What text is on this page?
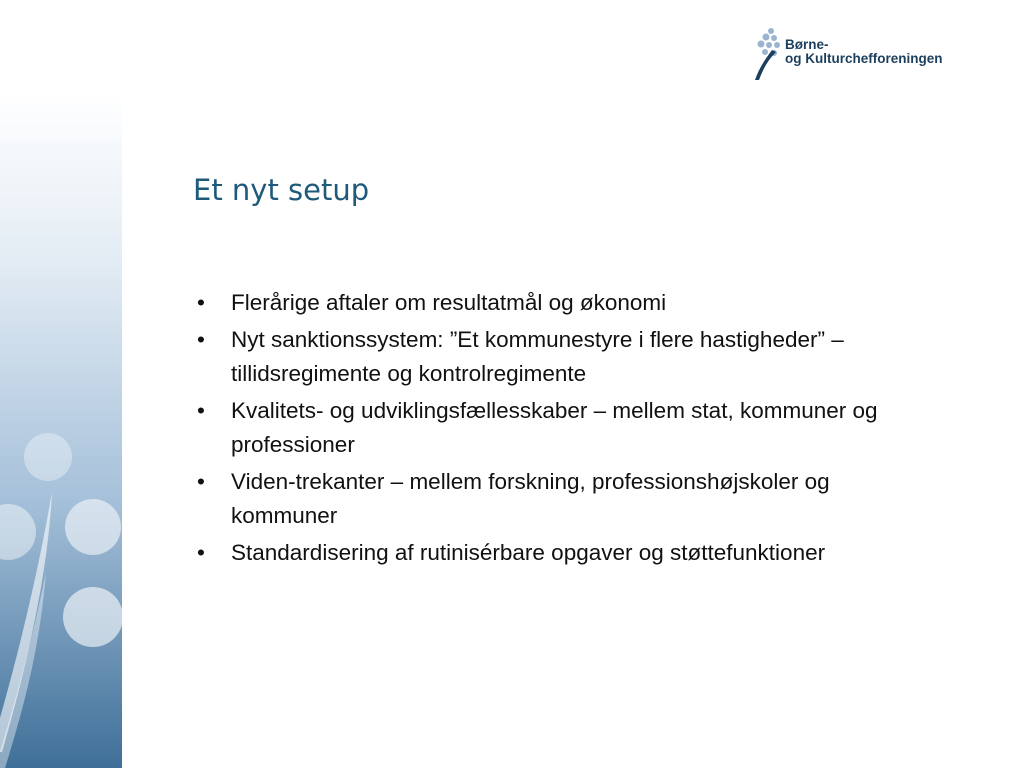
Børne-
og Kulturchefforeningen
Et nyt setup
• Flerårige aftaler om resultatmål og økonomi
• Nyt sanktionssystem: ”Et kommunestyre i flere hastigheder” – tillidsregimente og kontrolregimente
• Kvalitets- og udviklingsfællesskaber – mellem stat, kommuner og professioner
• Viden-trekanter – mellem forskning, professionshøjskoler og kommuner
• Standardisering af rutinisérbare opgaver og støttefunktioner
